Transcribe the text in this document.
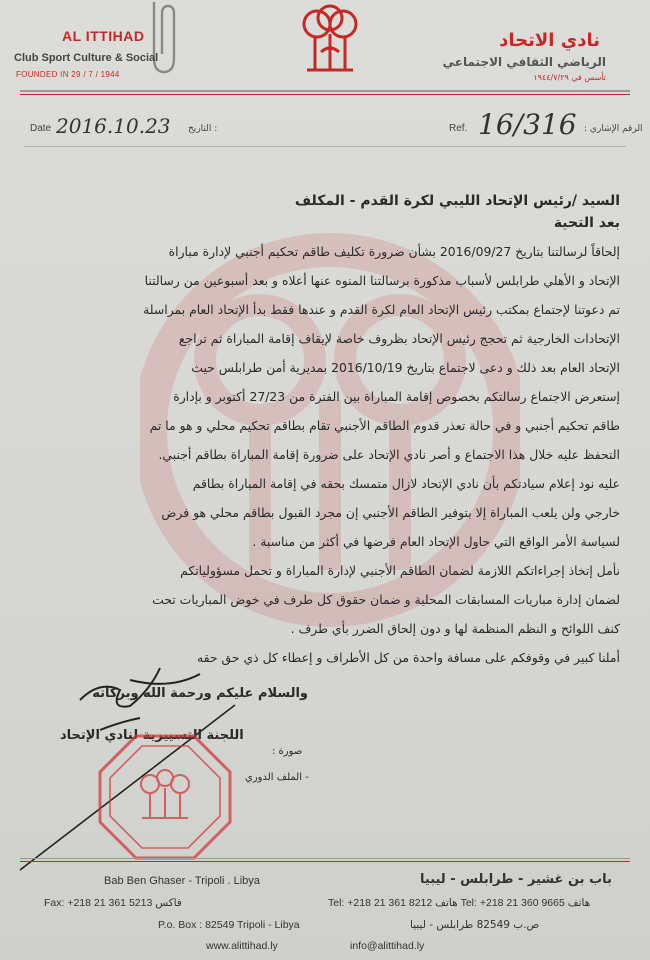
AL ITTIHAD
Club Sport Culture & Social
FOUNDED IN 29 / 7 / 1944
نادي الاتحاد
الرياضي الثقافي الاجتماعي
تأسس في ١٩٤٤/٧/٢٩
Date 2016.10.23 التاريخ :	Ref. 16/316 الرقم الإشاري :
السيد /رئيس الإتحاد الليبي لكرة القدم - المكلف
بعد التحية

إلحاقاً لرسالتنا بتاريخ 2016/09/27 بشأن ضرورة تكليف طاقم تحكيم أجنبي لإدارة مباراة

الإتحاد و الأهلي طرابلس لأسباب مذكورة برسالتنا المنوه عنها أعلاه و بعد أسبوعين من رسالتنا

تم دعوتنا لإجتماع بمكتب رئيس الإتحاد العام لكرة القدم و عندها فقط بدأ الإتحاد العام بمراسلة

الإتحادات الخارجية ثم تحجج رئيس الإتحاد بظروف خاصة لإيقاف إقامة المباراة ثم تراجع

الإتحاد العام بعد ذلك و دعى لاجتماع بتاريخ 2016/10/19 بمديرية أمن طرابلس حيث

إستعرض الاجتماع رسالتكم بخصوص إقامة المباراة بين الفترة من 27/23 أكتوبر و بإدارة

طاقم تحكيم أجنبي و في حالة تعذر قدوم الطاقم الأجنبي تقام بطاقم تحكيم محلي و هو ما تم

التحفظ عليه خلال هذا الاجتماع و أصر نادي الإتحاد على ضرورة إقامة المباراة بطاقم أجنبي.

عليه نود إعلام سيادتكم بأن نادي الإتحاد لازال متمسك بحقه في إقامة المباراة بطاقم

خارجي ولن يلعب المباراة إلا بتوفير الطاقم الأجنبي إن مجرد القبول بطاقم محلي هو فرض

لسياسة الأمر الواقع التي حاول الإتحاد العام فرضها في أكثر من مناسبة .

نأمل إتخاذ إجراءاتكم اللازمة لضمان الطاقم الأجنبي لإدارة المباراة و تحمل مسؤولياتكم

لضمان إدارة مباريات المسابقات المحلية و ضمان حقوق كل طرف في خوض المباريات تحت

كنف اللوائح و النظم المنظمة لها و دون إلحاق الضرر بأي طرف .

أملنا كبير في وقوفكم على مسافة واحدة من كل الأطراف و إعطاء كل ذي حق حقه

والسلام عليكم ورحمة الله وبركاته
اللجنة التسييرية لنادي الإتحاد
صورة :
- الملف الدوري
Bab Ben Ghaser - Tripoli . Libya	باب بن غشير - طرابلس - ليبيا
Fax: +218 21 361 5213 فاكس	Tel: +218 21 361 8212 هاتف Tel: +218 21 360 9665 هاتف
P.o. Box : 82549 Tripoli - Libya	ص.ب 82549 طرابلس - ليبيا
www.alittihad.ly	info@alittihad.ly
